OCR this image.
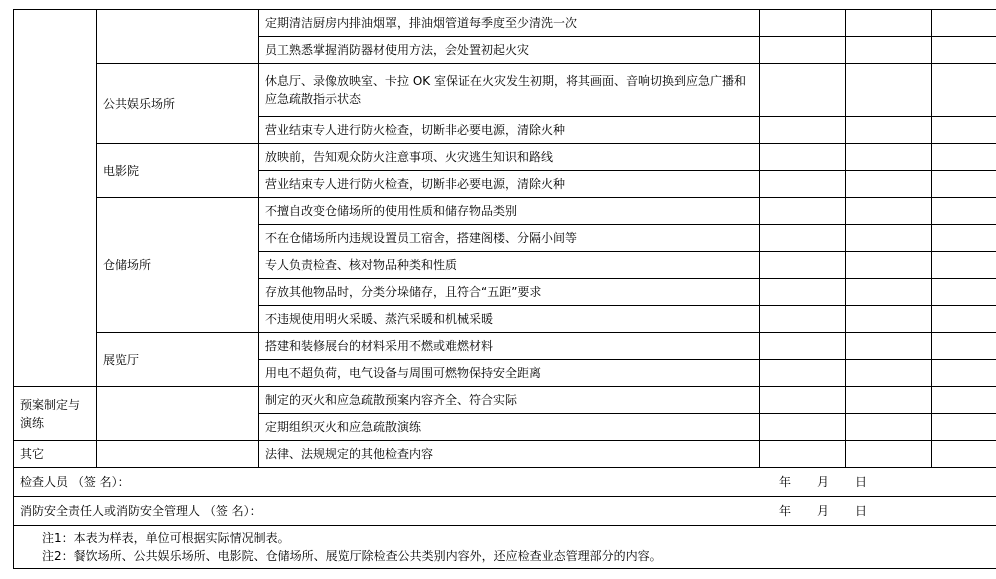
		定期清洁厨房内排油烟罩，排油烟管道每季度至少清洗一次			
		员工熟悉掌握消防器材使用方法，会处置初起火灾			
	公共娱乐场所	休息厅、录像放映室、卡拉 OK 室保证在火灾发生初期，将其画面、音响切换到应急广播和应急疏散指示状态			
		营业结束专人进行防火检查，切断非必要电源，清除火种			
	电影院	放映前，告知观众防火注意事项、火灾逃生知识和路线			
		营业结束专人进行防火检查，切断非必要电源，清除火种			
	仓储场所	不擅自改变仓储场所的使用性质和储存物品类别			
		不在仓储场所内违规设置员工宿舍，搭建阁楼、分隔小间等			
		专人负责检查、核对物品种类和性质			
		存放其他物品时，分类分垛储存，且符合“五距”要求			
		不违规使用明火采暖、蒸汽采暖和机械采暖			
	展览厅	搭建和装修展台的材料采用不燃或难燃材料			
		用电不超负荷，电气设备与周围可燃物保持安全距离			
预案制定与演练		制定的灭火和应急疏散预案内容齐全、符合实际			
		定期组织灭火和应急疏散演练			
其它		法律、法规规定的其他检查内容			

检查人员 （签 名）： 年 月 日					

消防安全责任人或消防安全管理人 （签 名）： 年 月 日					

注1：本表为样表，单位可根据实际情况制表。
注2：餐饮场所、公共娱乐场所、电影院、仓储场所、展览厅除检查公共类别内容外，还应检查业态管理部分的内容。					
